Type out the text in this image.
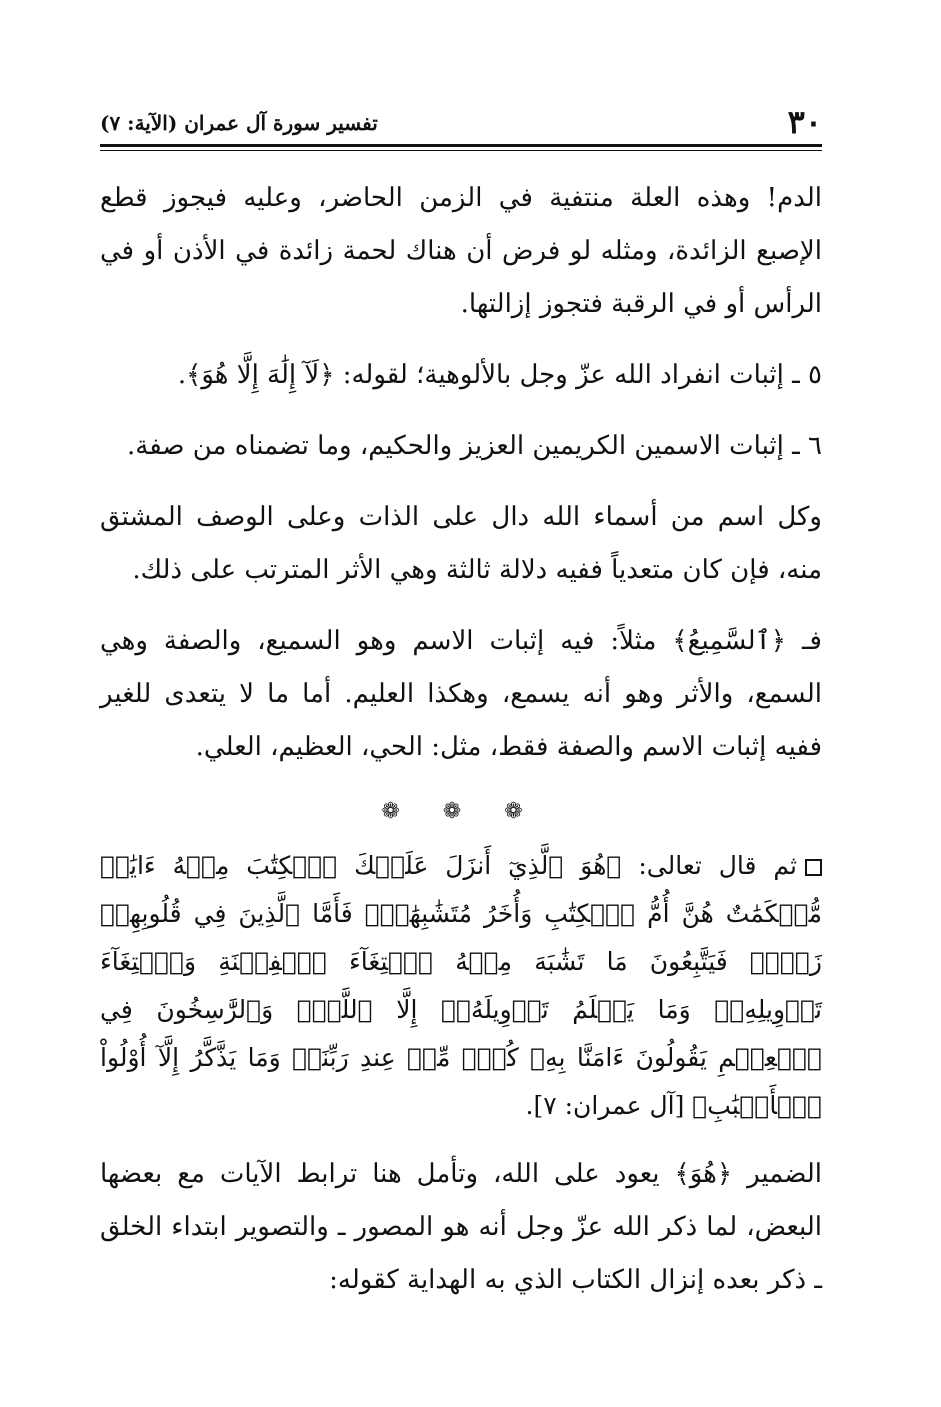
٣٠
تفسير سورة آل عمران (الآية: ٧)

الدم! وهذه العلة منتفية في الزمن الحاضر، وعليه فيجوز قطع الإصبع الزائدة، ومثله لو فرض أن هناك لحمة زائدة في الأذن أو في الرأس أو في الرقبة فتجوز إزالتها.

٥ ـ إثبات انفراد الله عزّ وجل بالألوهية؛ لقوله: ﴿لَآ إِلَٰهَ إِلَّا هُوَ﴾.

٦ ـ إثبات الاسمين الكريمين العزيز والحكيم، وما تضمناه من صفة.

وكل اسم من أسماء الله دال على الذات وعلى الوصف المشتق منه، فإن كان متعدياً ففيه دلالة ثالثة وهي الأثر المترتب على ذلك.

فـ ﴿ٱلسَّمِيعُ﴾ مثلاً: فيه إثبات الاسم وهو السميع، والصفة وهي السمع، والأثر وهو أنه يسمع، وهكذا العليم. أما ما لا يتعدى للغير ففيه إثبات الاسم والصفة فقط، مثل: الحي، العظيم، العلي.

❁ ❁ ❁

ثم قال تعالى: ﴿هُوَ ٱلَّذِيٓ أَنزَلَ عَلَيۡكَ ٱلۡكِتَٰبَ مِنۡهُ ءَايَٰتٞ مُّحۡكَمَٰتٌ هُنَّ أُمُّ ٱلۡكِتَٰبِ وَأُخَرُ مُتَشَٰبِهَٰتٞۖ فَأَمَّا ٱلَّذِينَ فِي قُلُوبِهِمۡ زَيۡغٞ فَيَتَّبِعُونَ مَا تَشَٰبَهَ مِنۡهُ ٱبۡتِغَآءَ ٱلۡفِتۡنَةِ وَٱبۡتِغَآءَ تَأۡوِيلِهِۦۖ وَمَا يَعۡلَمُ تَأۡوِيلَهُۥٓ إِلَّا ٱللَّهُۗ وَٱلرَّٰسِخُونَ فِي ٱلۡعِلۡمِ يَقُولُونَ ءَامَنَّا بِهِۦ كُلّٞ مِّنۡ عِندِ رَبِّنَاۗ وَمَا يَذَّكَّرُ إِلَّآ أُوْلُواْ ٱلۡأَلۡبَٰبِ﴾ [آل عمران: ٧].

الضمير ﴿هُوَ﴾ يعود على الله، وتأمل هنا ترابط الآيات مع بعضها البعض، لما ذكر الله عزّ وجل أنه هو المصور ـ والتصوير ابتداء الخلق ـ ذكر بعده إنزال الكتاب الذي به الهداية كقوله:
